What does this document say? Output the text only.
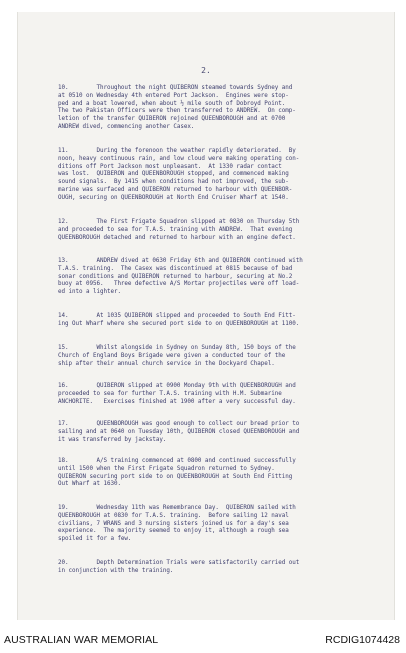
2.
10.        Throughout the night QUIBERON steamed towards Sydney and
at 0510 on Wednesday 4th entered Port Jackson.  Engines were stop-
ped and a boat lowered, when about ½ mile south of Dobroyd Point.
The two Pakistan Officers were then transferred to ANDREW.  On comp-
letion of the transfer QUIBERON rejoined QUEENBOROUGH and at 0700
ANDREW dived, commencing another Casex.
11.        During the forenoon the weather rapidly deteriorated.  By
noon, heavy continuous rain, and low cloud were making operating con-
ditions off Port Jackson most unpleasant.  At 1330 radar contact
was lost.  QUIBERON and QUEENBOROUGH stopped, and commenced making
sound signals.  By 1415 when conditions had not improved, the sub-
marine was surfaced and QUIBERON returned to harbour with QUEENBOR-
OUGH, securing on QUEENBOROUGH at North End Cruiser Wharf at 1540.
12.        The First Frigate Squadron slipped at 0830 on Thursday 5th
and proceeded to sea for T.A.S. training with ANDREW.  That evening
QUEENBOROUGH detached and returned to harbour with an engine defect.
13.        ANDREW dived at 0630 Friday 6th and QUIBERON continued with
T.A.S. training.  The Casex was discontinued at 0815 because of bad
sonar conditions and QUIBERON returned to harbour, securing at No.2
buoy at 0956.   Three defective A/S Mortar projectiles were off load-
ed into a lighter.
14.        At 1035 QUIBERON slipped and proceeded to South End Fitt-
ing Out Wharf where she secured port side to on QUEENBOROUGH at 1100.
15.        Whilst alongside in Sydney on Sunday 8th, 150 boys of the
Church of England Boys Brigade were given a conducted tour of the
ship after their annual church service in the Dockyard Chapel.
16.        QUIBERON slipped at 0900 Monday 9th with QUEENBOROUGH and
proceeded to sea for further T.A.S. training with H.M. Submarine
ANCHORITE.   Exercises finished at 1900 after a very successful day.
17.        QUEENBOROUGH was good enough to collect our bread prior to
sailing and at 0640 on Tuesday 10th, QUIBERON closed QUEENBOROUGH and
it was transferred by jackstay.
18.        A/S training commenced at 0800 and continued successfully
until 1500 when the First Frigate Squadron returned to Sydney.
QUIBERON securing port side to on QUEENBOROUGH at South End Fitting
Out Wharf at 1630.
19.        Wednesday 11th was Remembrance Day.  QUIBERON sailed with
QUEENBOROUGH at 0830 for T.A.S. training.  Before sailing 12 naval
civilians, 7 WRANS and 3 nursing sisters joined us for a day's sea
experience.  The majority seemed to enjoy it, although a rough sea
spoiled it for a few.
20.        Depth Determination Trials were satisfactorily carried out
in conjunction with the training.
AUSTRALIAN WAR MEMORIAL	RCDIG1074428
